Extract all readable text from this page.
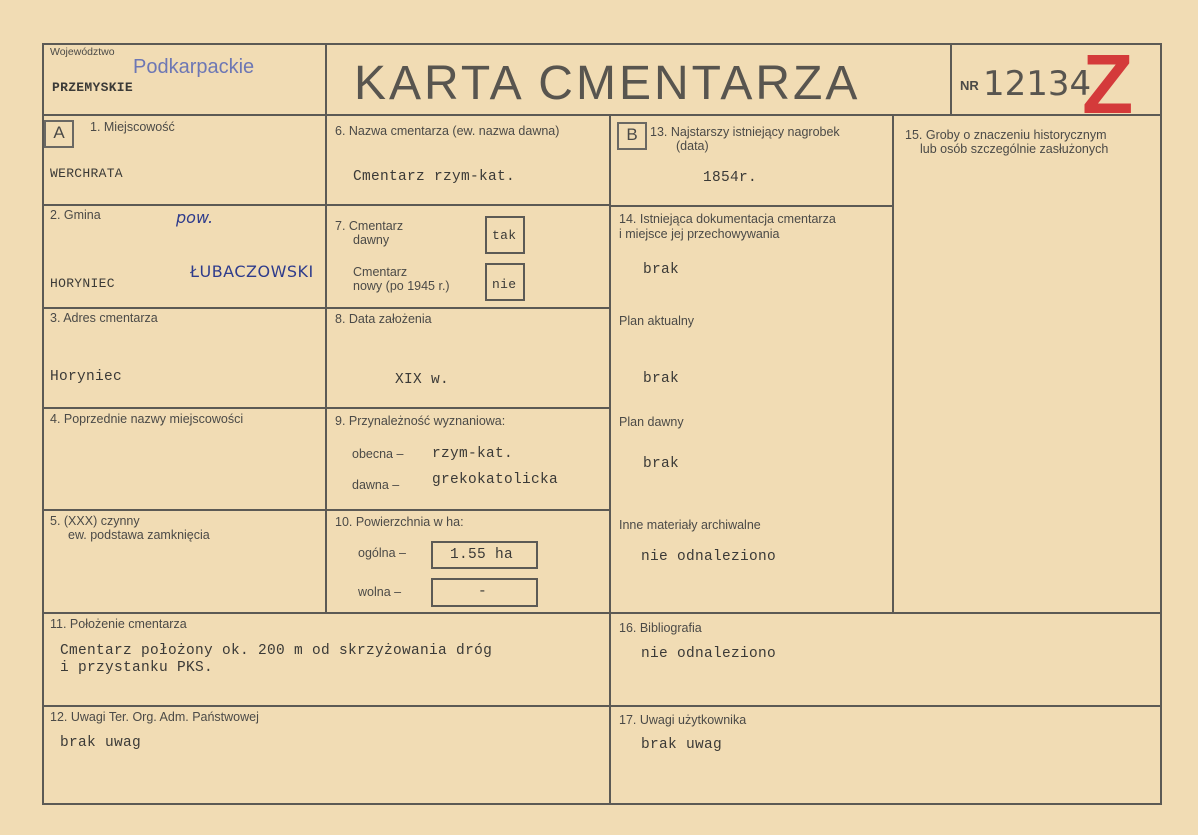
Województwo
PRZEMYSKIE
Podkarpackie KARTA CMENTARZA	NR 12134
Z
A	1. Miejscowość
WERCHRATA
2. Gmina	pow.
ŁUBACZOWSKI
HORYNIEC
3. Adres cmentarza
Horyniec
4. Poprzednie nazwy miejscowości
5. (XXX) czynny
ew. podstawa zamknięcia
6. Nazwa cmentarza (ew. nazwa dawna)
Cmentarz rzym-kat.
7. Cmentarz
dawny	tak
Cmentarz
nowy (po 1945 r.)	nie
8. Data założenia
XIX w.
9. Przynależność wyznaniowa:
obecna – rzym-kat.
dawna – grekokatolicka
10. Powierzchnia w ha:
ogólna –	1.55 ha
wolna –	-
B 13. Najstarszy istniejący nagrobek
(data)
1854r.
14. Istniejąca dokumentacja cmentarza
i miejsce jej przechowywania
brak
Plan aktualny
brak
Plan dawny
brak
Inne materiały archiwalne
nie odnaleziono
15. Groby o znaczeniu historycznym
lub osób szczególnie zasłużonych
11. Położenie cmentarza
Cmentarz położony ok. 200 m od skrzyżowania dróg
i przystanku PKS.
16. Bibliografia
nie odnaleziono
12. Uwagi Ter. Org. Adm. Państwowej
brak uwag
17. Uwagi użytkownika
brak uwag
